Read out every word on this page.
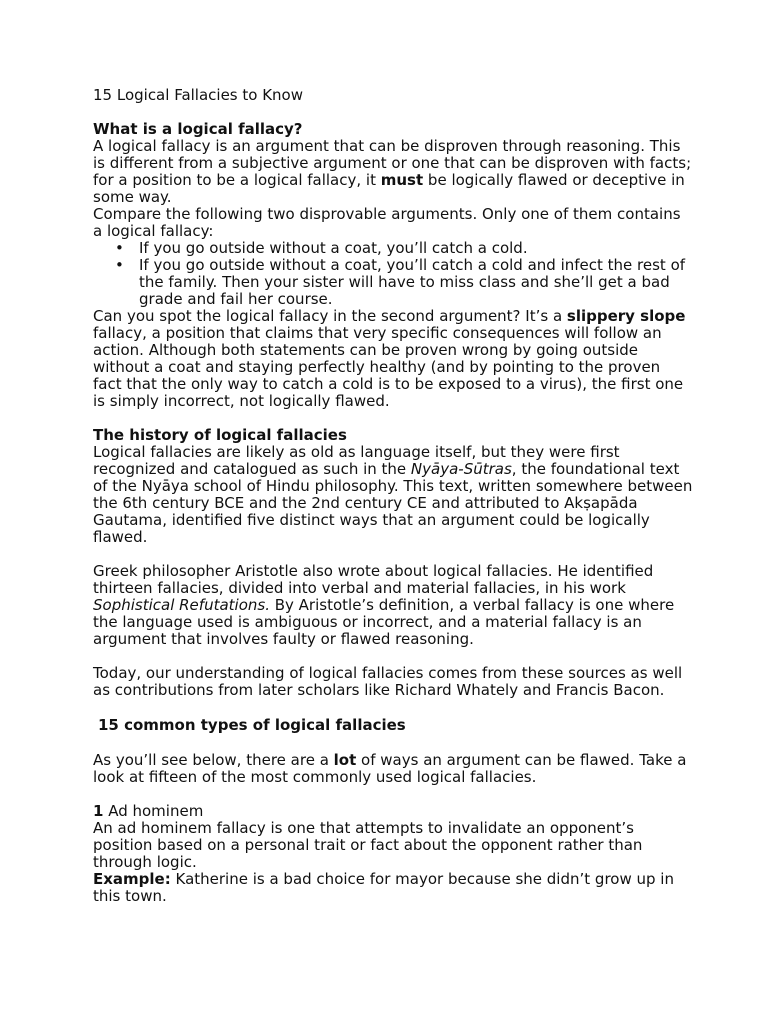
15 Logical Fallacies to Know

What is a logical fallacy?

A logical fallacy is an argument that can be disproven through reasoning. This is different from a subjective argument or one that can be disproven with facts; for a position to be a logical fallacy, it must be logically flawed or deceptive in some way.

Compare the following two disprovable arguments. Only one of them contains a logical fallacy:

• If you go outside without a coat, you’ll catch a cold.
• If you go outside without a coat, you’ll catch a cold and infect the rest of the family. Then your sister will have to miss class and she’ll get a bad grade and fail her course.

Can you spot the logical fallacy in the second argument? It’s a slippery slope fallacy, a position that claims that very specific consequences will follow an action. Although both statements can be proven wrong by going outside without a coat and staying perfectly healthy (and by pointing to the proven fact that the only way to catch a cold is to be exposed to a virus), the first one is simply incorrect, not logically flawed.

The history of logical fallacies

Logical fallacies are likely as old as language itself, but they were first recognized and catalogued as such in the Nyāya-Sūtras, the foundational text of the Nyāya school of Hindu philosophy. This text, written somewhere between the 6th century BCE and the 2nd century CE and attributed to Akṣapāda Gautama, identified five distinct ways that an argument could be logically flawed.

Greek philosopher Aristotle also wrote about logical fallacies. He identified thirteen fallacies, divided into verbal and material fallacies, in his work Sophistical Refutations. By Aristotle’s definition, a verbal fallacy is one where the language used is ambiguous or incorrect, and a material fallacy is an argument that involves faulty or flawed reasoning.

Today, our understanding of logical fallacies comes from these sources as well as contributions from later scholars like Richard Whately and Francis Bacon.

15 common types of logical fallacies

As you’ll see below, there are a lot of ways an argument can be flawed. Take a look at fifteen of the most commonly used logical fallacies.

1 Ad hominem

An ad hominem fallacy is one that attempts to invalidate an opponent’s position based on a personal trait or fact about the opponent rather than through logic.

Example: Katherine is a bad choice for mayor because she didn’t grow up in this town.
